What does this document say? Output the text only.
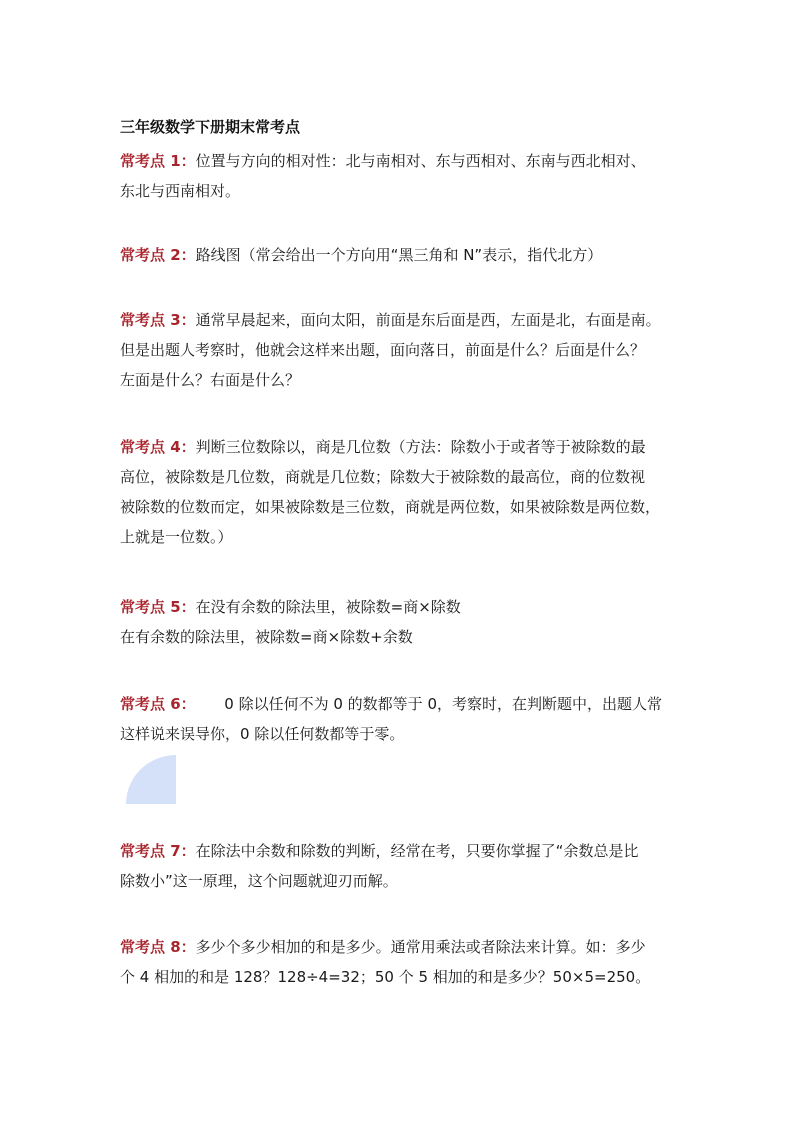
三年级数学下册期末常考点
常考点 1：位置与方向的相对性：北与南相对、东与西相对、东南与西北相对、
东北与西南相对。
常考点 2：路线图（常会给出一个方向用“黑三角和 N”表示，指代北方）
常考点 3：通常早晨起来，面向太阳，前面是东后面是西，左面是北，右面是南。
但是出题人考察时，他就会这样来出题，面向落日，前面是什么？后面是什么？
左面是什么？右面是什么？
常考点 4：判断三位数除以，商是几位数（方法：除数小于或者等于被除数的最
高位，被除数是几位数，商就是几位数；除数大于被除数的最高位，商的位数视
被除数的位数而定，如果被除数是三位数，商就是两位数，如果被除数是两位数，
上就是一位数。）
常考点 5：在没有余数的除法里，被除数=商×除数
在有余数的除法里，被除数=商×除数+余数
常考点 6：      0 除以任何不为 0 的数都等于 0，考察时，在判断题中，出题人常
这样说来误导你，0 除以任何数都等于零。
常考点 7：在除法中余数和除数的判断，经常在考，只要你掌握了“余数总是比
除数小”这一原理，这个问题就迎刃而解。
常考点 8：多少个多少相加的和是多少。通常用乘法或者除法来计算。如：多少
个 4 相加的和是 128？128÷4=32；50 个 5 相加的和是多少？50×5=250。
